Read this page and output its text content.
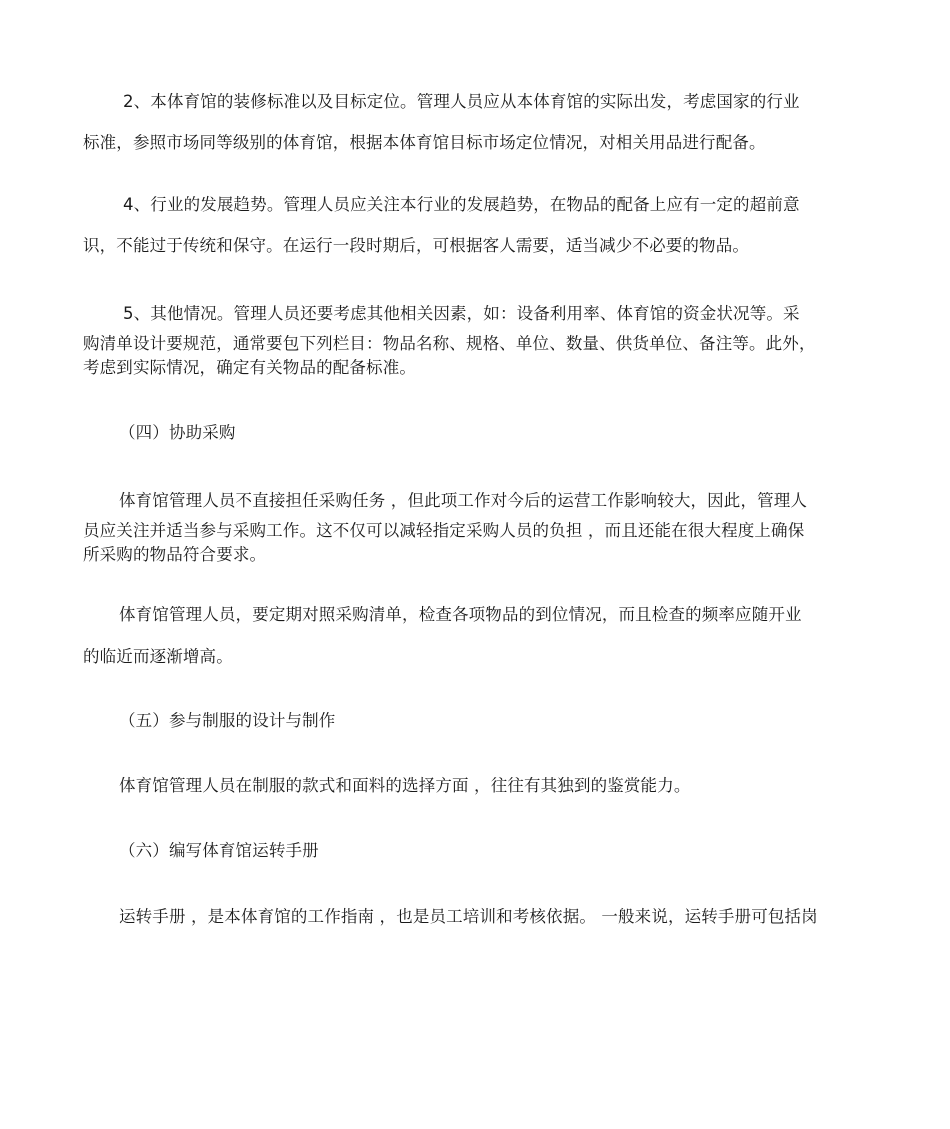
2、本体育馆的装修标准以及目标定位。管理人员应从本体育馆的实际出发，考虑国家的行业
标准，参照市场同等级别的体育馆，根据本体育馆目标市场定位情况，对相关用品进行配备。
4、行业的发展趋势。管理人员应关注本行业的发展趋势，在物品的配备上应有一定的超前意
识，不能过于传统和保守。在运行一段时期后，可根据客人需要，适当减少不必要的物品。
5、其他情况。管理人员还要考虑其他相关因素，如：设备利用率、体育馆的资金状况等。采
购清单设计要规范，通常要包下列栏目：物品名称、规格、单位、数量、供货单位、备注等。此外，
考虑到实际情况，确定有关物品的配备标准。
（四）协助采购
体育馆管理人员不直接担任采购任务 ，但此项工作对今后的运营工作影响较大，因此，管理人
员应关注并适当参与采购工作。这不仅可以减轻指定采购人员的负担 ，而且还能在很大程度上确保
所采购的物品符合要求。
体育馆管理人员，要定期对照采购清单，检查各项物品的到位情况，而且检查的频率应随开业
的临近而逐渐增高。
（五）参与制服的设计与制作
体育馆管理人员在制服的款式和面料的选择方面 ，往往有其独到的鉴赏能力。
（六）编写体育馆运转手册
运转手册 ，是本体育馆的工作指南 ，也是员工培训和考核依据。 一般来说，运转手册可包括岗
